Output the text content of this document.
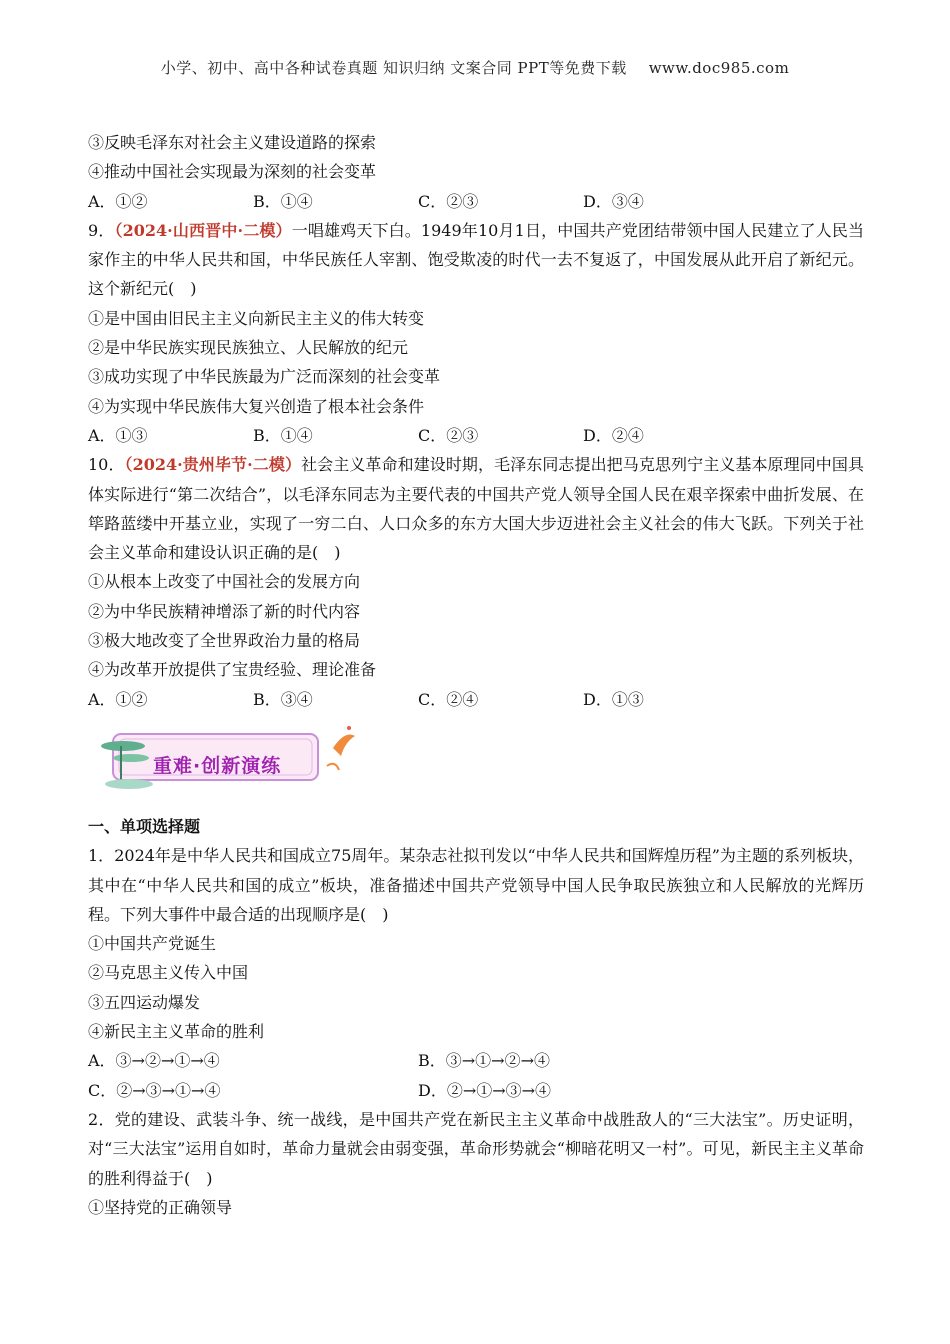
小学、初中、高中各种试卷真题 知识归纳 文案合同 PPT等免费下载 www.doc985.com
③反映毛泽东对社会主义建设道路的探索
④推动中国社会实现最为深刻的社会变革
A．①②	B．①④	C．②③	D．③④
9．（2024·山西晋中·二模）一唱雄鸡天下白。1949年10月1日，中国共产党团结带领中国人民建立了人民当家作主的中华人民共和国，中华民族任人宰割、饱受欺凌的时代一去不复返了，中国发展从此开启了新纪元。这个新纪元(　)
①是中国由旧民主主义向新民主主义的伟大转变
②是中华民族实现民族独立、人民解放的纪元
③成功实现了中华民族最为广泛而深刻的社会变革
④为实现中华民族伟大复兴创造了根本社会条件
A．①③	B．①④	C．②③	D．②④
10．（2024·贵州毕节·二模）社会主义革命和建设时期，毛泽东同志提出把马克思列宁主义基本原理同中国具体实际进行“第二次结合”，以毛泽东同志为主要代表的中国共产党人领导全国人民在艰辛探索中曲折发展、在筚路蓝缕中开基立业，实现了一穷二白、人口众多的东方大国大步迈进社会主义社会的伟大飞跃。下列关于社会主义革命和建设认识正确的是(　)
①从根本上改变了中国社会的发展方向
②为中华民族精神增添了新的时代内容
③极大地改变了全世界政治力量的格局
④为改革开放提供了宝贵经验、理论准备
A．①②	B．③④	C．②④	D．①③
重难·创新演练
一、单项选择题
1．2024年是中华人民共和国成立75周年。某杂志社拟刊发以“中华人民共和国辉煌历程”为主题的系列板块，其中在“中华人民共和国的成立”板块，准备描述中国共产党领导中国人民争取民族独立和人民解放的光辉历程。下列大事件中最合适的出现顺序是(　)
①中国共产党诞生
②马克思主义传入中国
③五四运动爆发
④新民主主义革命的胜利
A．③→②→①→④	B．③→①→②→④
C．②→③→①→④	D．②→①→③→④
2．党的建设、武装斗争、统一战线，是中国共产党在新民主主义革命中战胜敌人的“三大法宝”。历史证明，对“三大法宝”运用自如时，革命力量就会由弱变强，革命形势就会“柳暗花明又一村”。可见，新民主主义革命的胜利得益于(　)
①坚持党的正确领导
